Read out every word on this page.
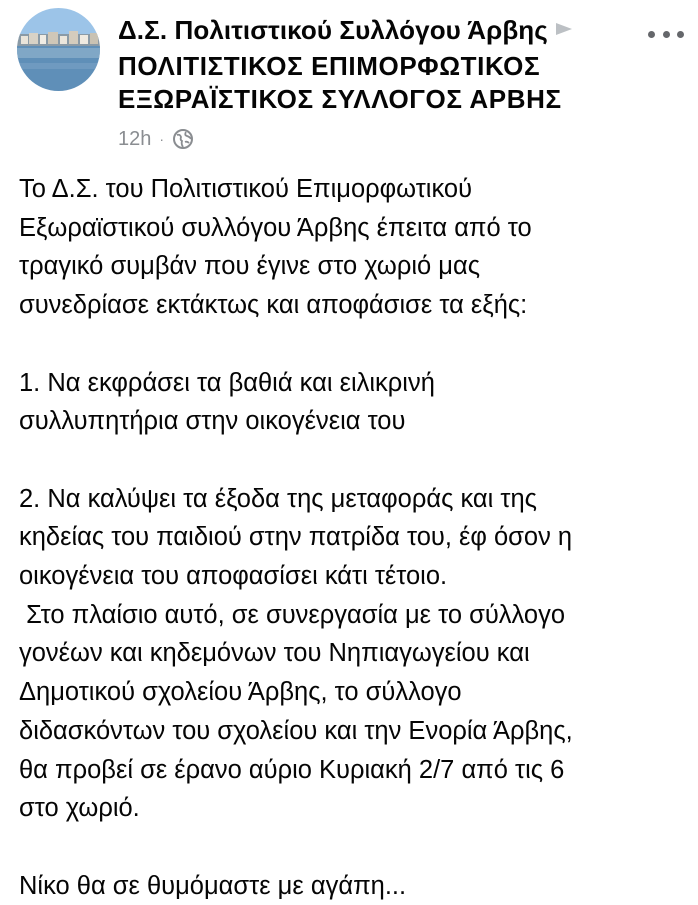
Δ.Σ. Πολιτιστικού Συλλόγου Άρβης
ΠΟΛΙΤΙΣΤΙΚΟΣ ΕΠΙΜΟΡΦΩΤΙΚΟΣ
ΕΞΩΡΑΪΣΤΙΚΟΣ ΣΥΛΛΟΓΟΣ ΑΡΒΗΣ
12h ·
Το Δ.Σ. του Πολιτιστικού Επιμορφωτικού
Εξωραϊστικού συλλόγου Άρβης έπειτα από το
τραγικό συμβάν που έγινε στο χωριό μας
συνεδρίασε εκτάκτως και αποφάσισε τα εξής:

1. Να εκφράσει τα βαθιά και ειλικρινή
συλλυπητήρια στην οικογένεια του

2. Να καλύψει τα έξοδα της μεταφοράς και της
κηδείας του παιδιού στην πατρίδα του, έφ όσον η
οικογένεια του αποφασίσει κάτι τέτοιο.
Στο πλαίσιο αυτό, σε συνεργασία με το σύλλογο
γονέων και κηδεμόνων του Νηπιαγωγείου και
Δημοτικού σχολείου Άρβης, το σύλλογο
διδασκόντων του σχολείου και την Ενορία Άρβης,
θα προβεί σε έρανο αύριο Κυριακή 2/7 από τις 6
στο χωριό.

Νίκο θα σε θυμόμαστε με αγάπη...
